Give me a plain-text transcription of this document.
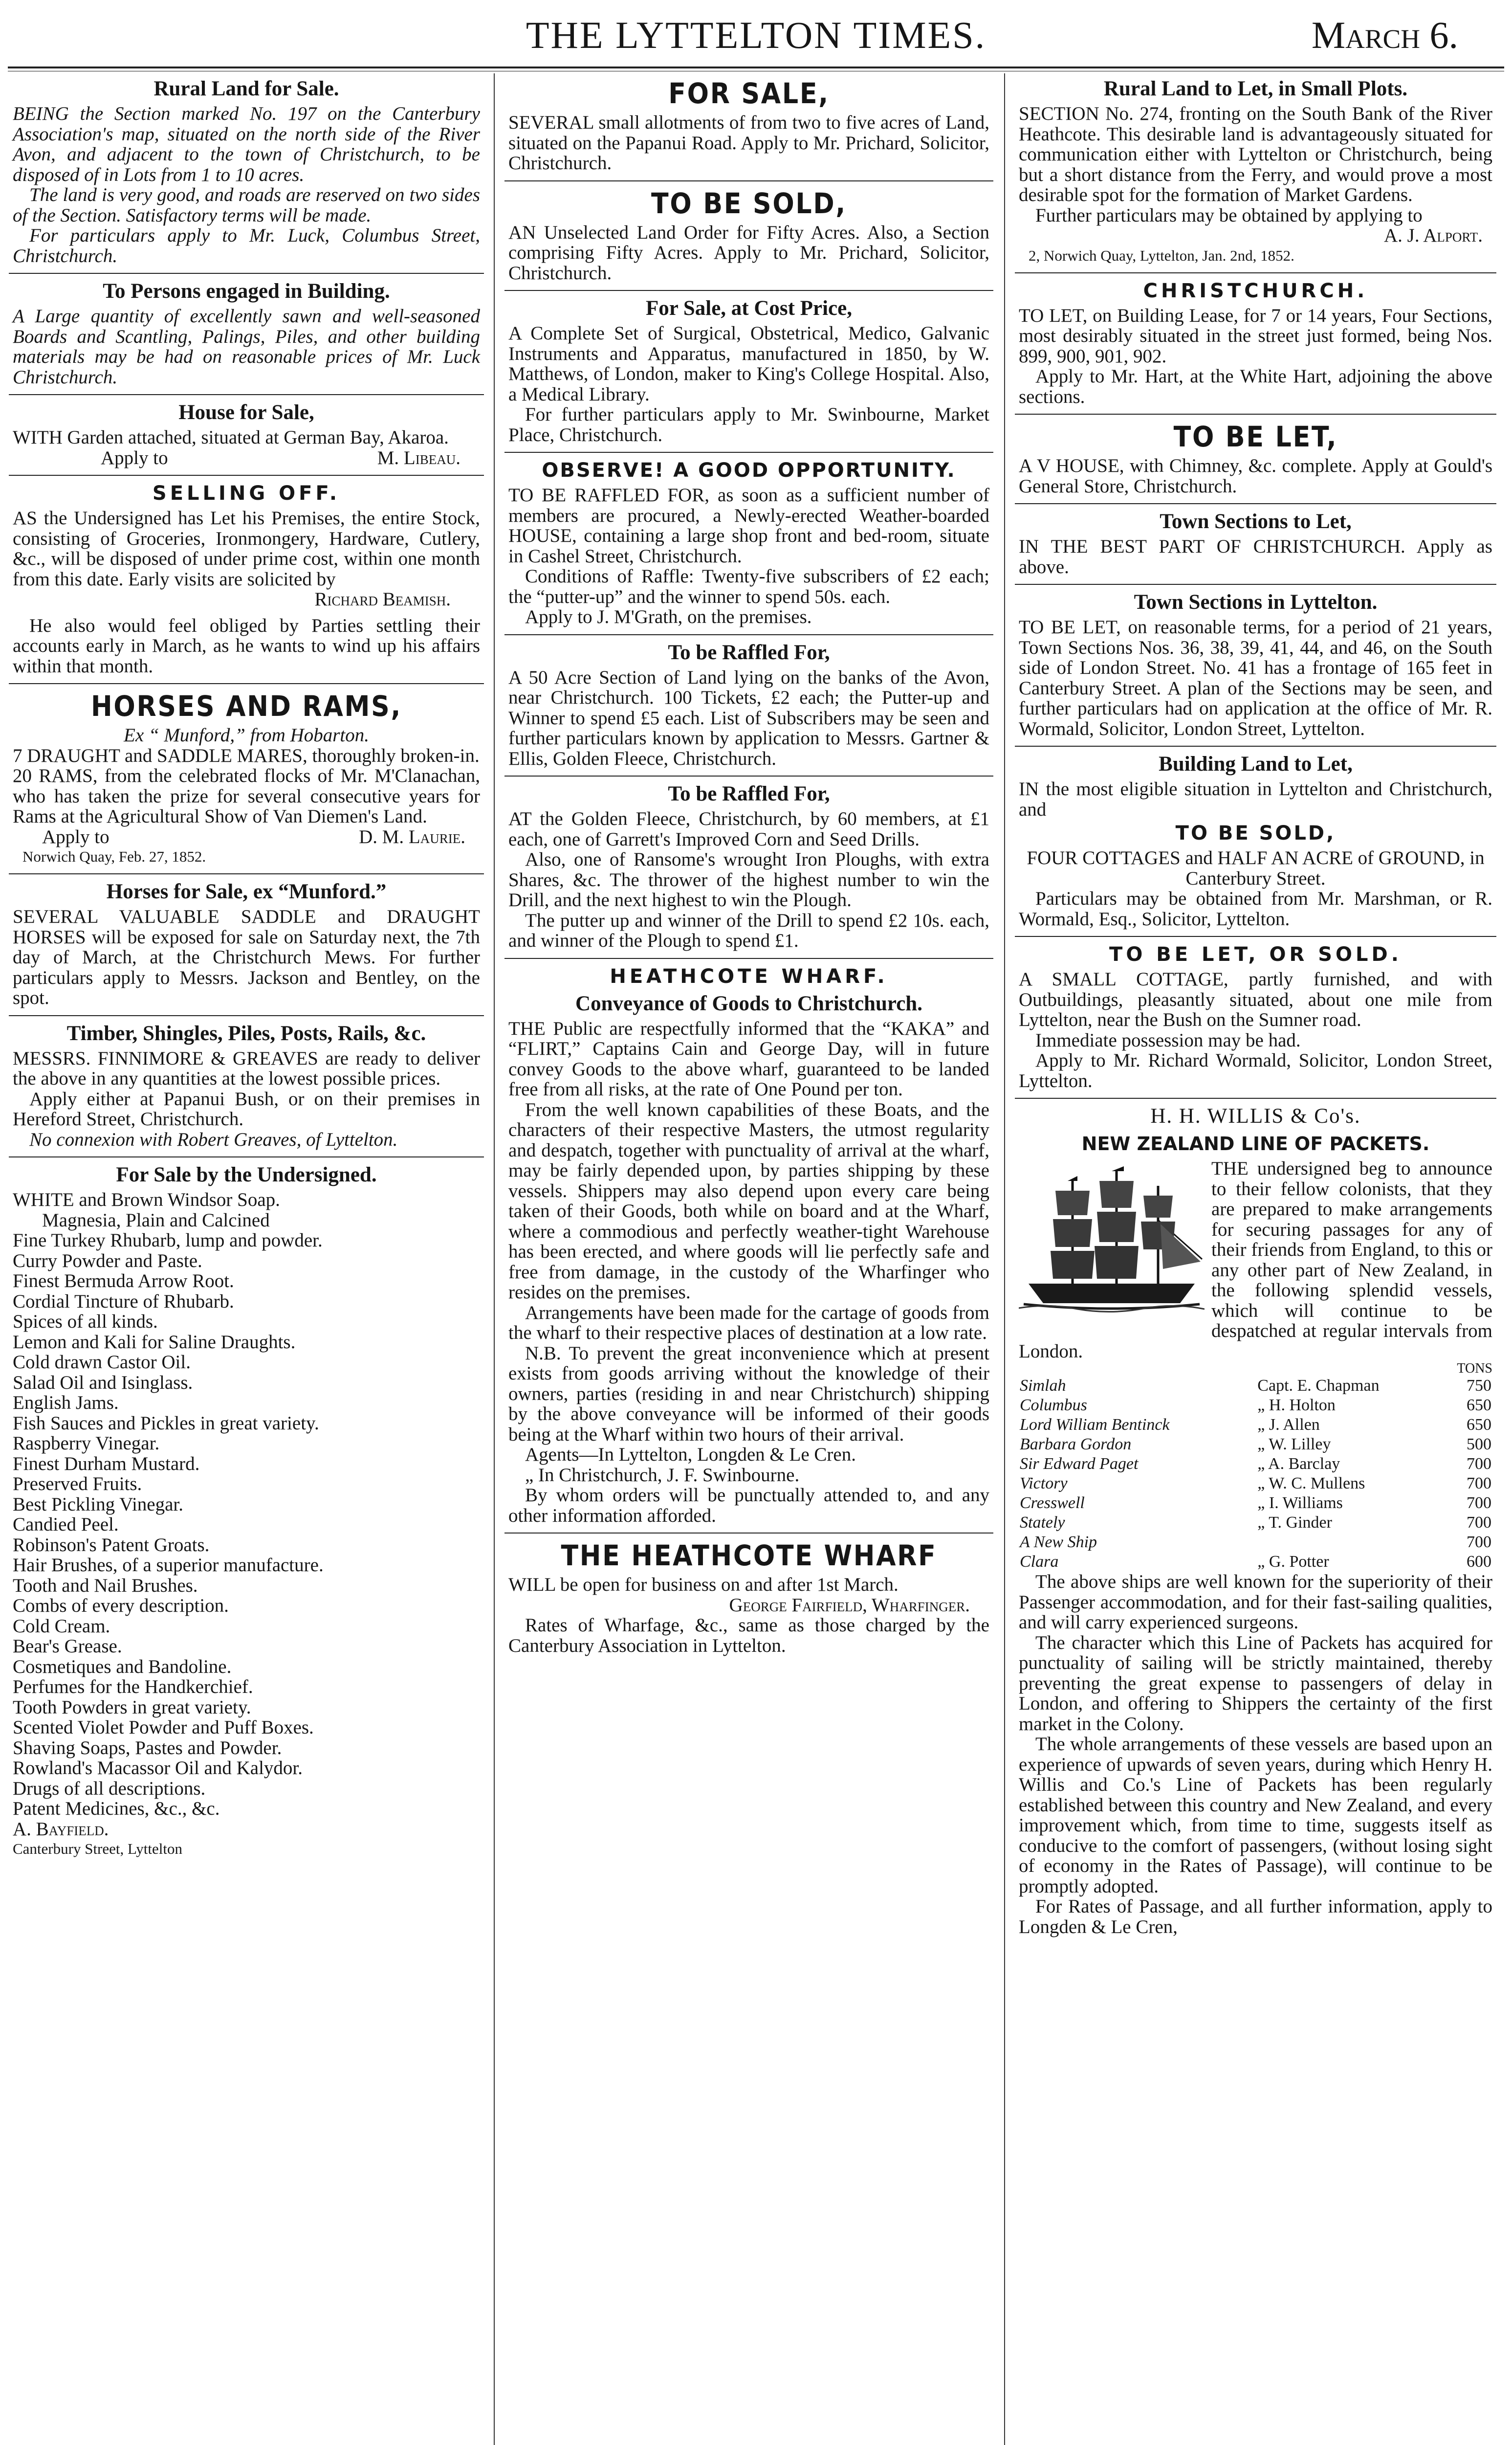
THE LYTTELTON TIMES.	March 6.
Rural Land for Sale.

BEING the Section marked No. 197 on the Canterbury Association's map, situated on the north side of the River Avon, and adjacent to the town of Christchurch, to be disposed of in Lots from 1 to 10 acres.

The land is very good, and roads are reserved on two sides of the Section. Satisfactory terms will be made.

For particulars apply to Mr. Luck, Columbus Street, Christchurch.

To Persons engaged in Building.

A Large quantity of excellently sawn and well-seasoned Boards and Scantling, Palings, Piles, and other building materials may be had on reasonable prices of Mr. Luck Christchurch.

House for Sale,

WITH Garden attached, situated at German Bay, Akaroa.

Apply to	M. Libeau.

SELLING OFF.

AS the Undersigned has Let his Premises, the entire Stock, consisting of Groceries, Ironmongery, Hardware, Cutlery, &c., will be disposed of under prime cost, within one month from this date. Early visits are solicited by

Richard Beamish.

He also would feel obliged by Parties settling their accounts early in March, as he wants to wind up his affairs within that month.

HORSES AND RAMS,

Ex “ Munford,” from Hobarton.

7 DRAUGHT and SADDLE MARES, thoroughly broken-in.

20 RAMS, from the celebrated flocks of Mr. M'Clanachan, who has taken the prize for several consecutive years for Rams at the Agricultural Show of Van Diemen's Land.

Apply to	D. M. Laurie.

Norwich Quay, Feb. 27, 1852.

Horses for Sale, ex “Munford.”

SEVERAL VALUABLE SADDLE and DRAUGHT HORSES will be exposed for sale on Saturday next, the 7th day of March, at the Christchurch Mews. For further particulars apply to Messrs. Jackson and Bentley, on the spot.

Timber, Shingles, Piles, Posts, Rails, &c.

MESSRS. FINNIMORE & GREAVES are ready to deliver the above in any quantities at the lowest possible prices.

Apply either at Papanui Bush, or on their premises in Hereford Street, Christchurch.

No connexion with Robert Greaves, of Lyttelton.

For Sale by the Undersigned.

WHITE and Brown Windsor Soap.

Magnesia, Plain and Calcined

Fine Turkey Rhubarb, lump and powder.

Curry Powder and Paste.

Finest Bermuda Arrow Root.

Cordial Tincture of Rhubarb.

Spices of all kinds.

Lemon and Kali for Saline Draughts.

Cold drawn Castor Oil.

Salad Oil and Isinglass.

English Jams.

Fish Sauces and Pickles in great variety.

Raspberry Vinegar.

Finest Durham Mustard.

Preserved Fruits.

Best Pickling Vinegar.

Candied Peel.

Robinson's Patent Groats.

Hair Brushes, of a superior manufacture.

Tooth and Nail Brushes.

Combs of every description.

Cold Cream.

Bear's Grease.

Cosmetiques and Bandoline.

Perfumes for the Handkerchief.

Tooth Powders in great variety.

Scented Violet Powder and Puff Boxes.

Shaving Soaps, Pastes and Powder.

Rowland's Macassor Oil and Kalydor.

Drugs of all descriptions.

Patent Medicines, &c., &c.

A. Bayfield.

Canterbury Street, Lyttelton

FOR SALE,

SEVERAL small allotments of from two to five acres of Land, situated on the Papanui Road. Apply to Mr. Prichard, Solicitor, Christchurch.

TO BE SOLD,

AN Unselected Land Order for Fifty Acres. Also, a Section comprising Fifty Acres. Apply to Mr. Prichard, Solicitor, Christchurch.

For Sale, at Cost Price,

A Complete Set of Surgical, Obstetrical, Medico, Galvanic Instruments and Apparatus, manufactured in 1850, by W. Matthews, of London, maker to King's College Hospital. Also, a Medical Library.

For further particulars apply to Mr. Swinbourne, Market Place, Christchurch.

OBSERVE! A GOOD OPPORTUNITY.

TO BE RAFFLED FOR, as soon as a sufficient number of members are procured, a Newly-erected Weather-boarded HOUSE, containing a large shop front and bed-room, situate in Cashel Street, Christchurch.

Conditions of Raffle: Twenty-five subscribers of £2 each; the “putter-up” and the winner to spend 50s. each.

Apply to J. M'Grath, on the premises.

To be Raffled For,

A 50 Acre Section of Land lying on the banks of the Avon, near Christchurch. 100 Tickets, £2 each; the Putter-up and Winner to spend £5 each. List of Subscribers may be seen and further particulars known by application to Messrs. Gartner & Ellis, Golden Fleece, Christchurch.

To be Raffled For,

AT the Golden Fleece, Christchurch, by 60 members, at £1 each, one of Garrett's Improved Corn and Seed Drills.

Also, one of Ransome's wrought Iron Ploughs, with extra Shares, &c. The thrower of the highest number to win the Drill, and the next highest to win the Plough.

The putter up and winner of the Drill to spend £2 10s. each, and winner of the Plough to spend £1.

HEATHCOTE WHARF.
Conveyance of Goods to Christchurch.

THE Public are respectfully informed that the “KAKA” and “FLIRT,” Captains Cain and George Day, will in future convey Goods to the above wharf, guaranteed to be landed free from all risks, at the rate of One Pound per ton.

From the well known capabilities of these Boats, and the characters of their respective Masters, the utmost regularity and despatch, together with punctuality of arrival at the wharf, may be fairly depended upon, by parties shipping by these vessels. Shippers may also depend upon every care being taken of their Goods, both while on board and at the Wharf, where a commodious and perfectly weather-tight Warehouse has been erected, and where goods will lie perfectly safe and free from damage, in the custody of the Wharfinger who resides on the premises.

Arrangements have been made for the cartage of goods from the wharf to their respective places of destination at a low rate.

N.B. To prevent the great inconvenience which at present exists from goods arriving without the knowledge of their owners, parties (residing in and near Christchurch) shipping by the above conveyance will be informed of their goods being at the Wharf within two hours of their arrival.

Agents—In Lyttelton, Longden & Le Cren.

„ In Christchurch, J. F. Swinbourne.

By whom orders will be punctually attended to, and any other information afforded.

THE HEATHCOTE WHARF

WILL be open for business on and after 1st March.

George Fairfield, Wharfinger.

Rates of Wharfage, &c., same as those charged by the Canterbury Association in Lyttelton.

Rural Land to Let, in Small Plots.

SECTION No. 274, fronting on the South Bank of the River Heathcote. This desirable land is advantageously situated for communication either with Lyttelton or Christchurch, being but a short distance from the Ferry, and would prove a most desirable spot for the formation of Market Gardens.

Further particulars may be obtained by applying to

A. J. Alport.

2, Norwich Quay, Lyttelton, Jan. 2nd, 1852.

CHRISTCHURCH.

TO LET, on Building Lease, for 7 or 14 years, Four Sections, most desirably situated in the street just formed, being Nos. 899, 900, 901, 902.

Apply to Mr. Hart, at the White Hart, adjoining the above sections.

TO BE LET,

A V HOUSE, with Chimney, &c. complete. Apply at Gould's General Store, Christchurch.

Town Sections to Let,

IN THE BEST PART OF CHRISTCHURCH. Apply as above.

Town Sections in Lyttelton.

TO BE LET, on reasonable terms, for a period of 21 years, Town Sections Nos. 36, 38, 39, 41, 44, and 46, on the South side of London Street. No. 41 has a frontage of 165 feet in Canterbury Street. A plan of the Sections may be seen, and further particulars had on application at the office of Mr. R. Wormald, Solicitor, London Street, Lyttelton.

Building Land to Let,

IN the most eligible situation in Lyttelton and Christchurch, and

TO BE SOLD,

FOUR COTTAGES and HALF AN ACRE of GROUND, in Canterbury Street.

Particulars may be obtained from Mr. Marshman, or R. Wormald, Esq., Solicitor, Lyttelton.

TO BE LET, OR SOLD.

A SMALL COTTAGE, partly furnished, and with Outbuildings, pleasantly situated, about one mile from Lyttelton, near the Bush on the Sumner road.

Immediate possession may be had.

Apply to Mr. Richard Wormald, Solicitor, London Street, Lyttelton.

H. H. WILLIS & Co's.
NEW ZEALAND LINE OF PACKETS.

THE undersigned beg to announce to their fellow colonists, that they are prepared to make arrangements for securing passages for any of their friends from England, to this or any other part of New Zealand, in the following splendid vessels, which will continue to be despatched at regular intervals from London.

TONS

Simlah	Capt. E. Chapman	750
Columbus	„ H. Holton	650
Lord William Bentinck	„ J. Allen	650
Barbara Gordon	„ W. Lilley	500
Sir Edward Paget	„ A. Barclay	700
Victory	„ W. C. Mullens	700
Cresswell	„ I. Williams	700
Stately	„ T. Ginder	700
A New Ship		700
Clara	„ G. Potter	600

The above ships are well known for the superiority of their Passenger accommodation, and for their fast-sailing qualities, and will carry experienced surgeons.

The character which this Line of Packets has acquired for punctuality of sailing will be strictly maintained, thereby preventing the great expense to passengers of delay in London, and offering to Shippers the certainty of the first market in the Colony.

The whole arrangements of these vessels are based upon an experience of upwards of seven years, during which Henry H. Willis and Co.'s Line of Packets has been regularly established between this country and New Zealand, and every improvement which, from time to time, suggests itself as conducive to the comfort of passengers, (without losing sight of economy in the Rates of Passage), will continue to be promptly adopted.

For Rates of Passage, and all further information, apply to Longden & Le Cren,
